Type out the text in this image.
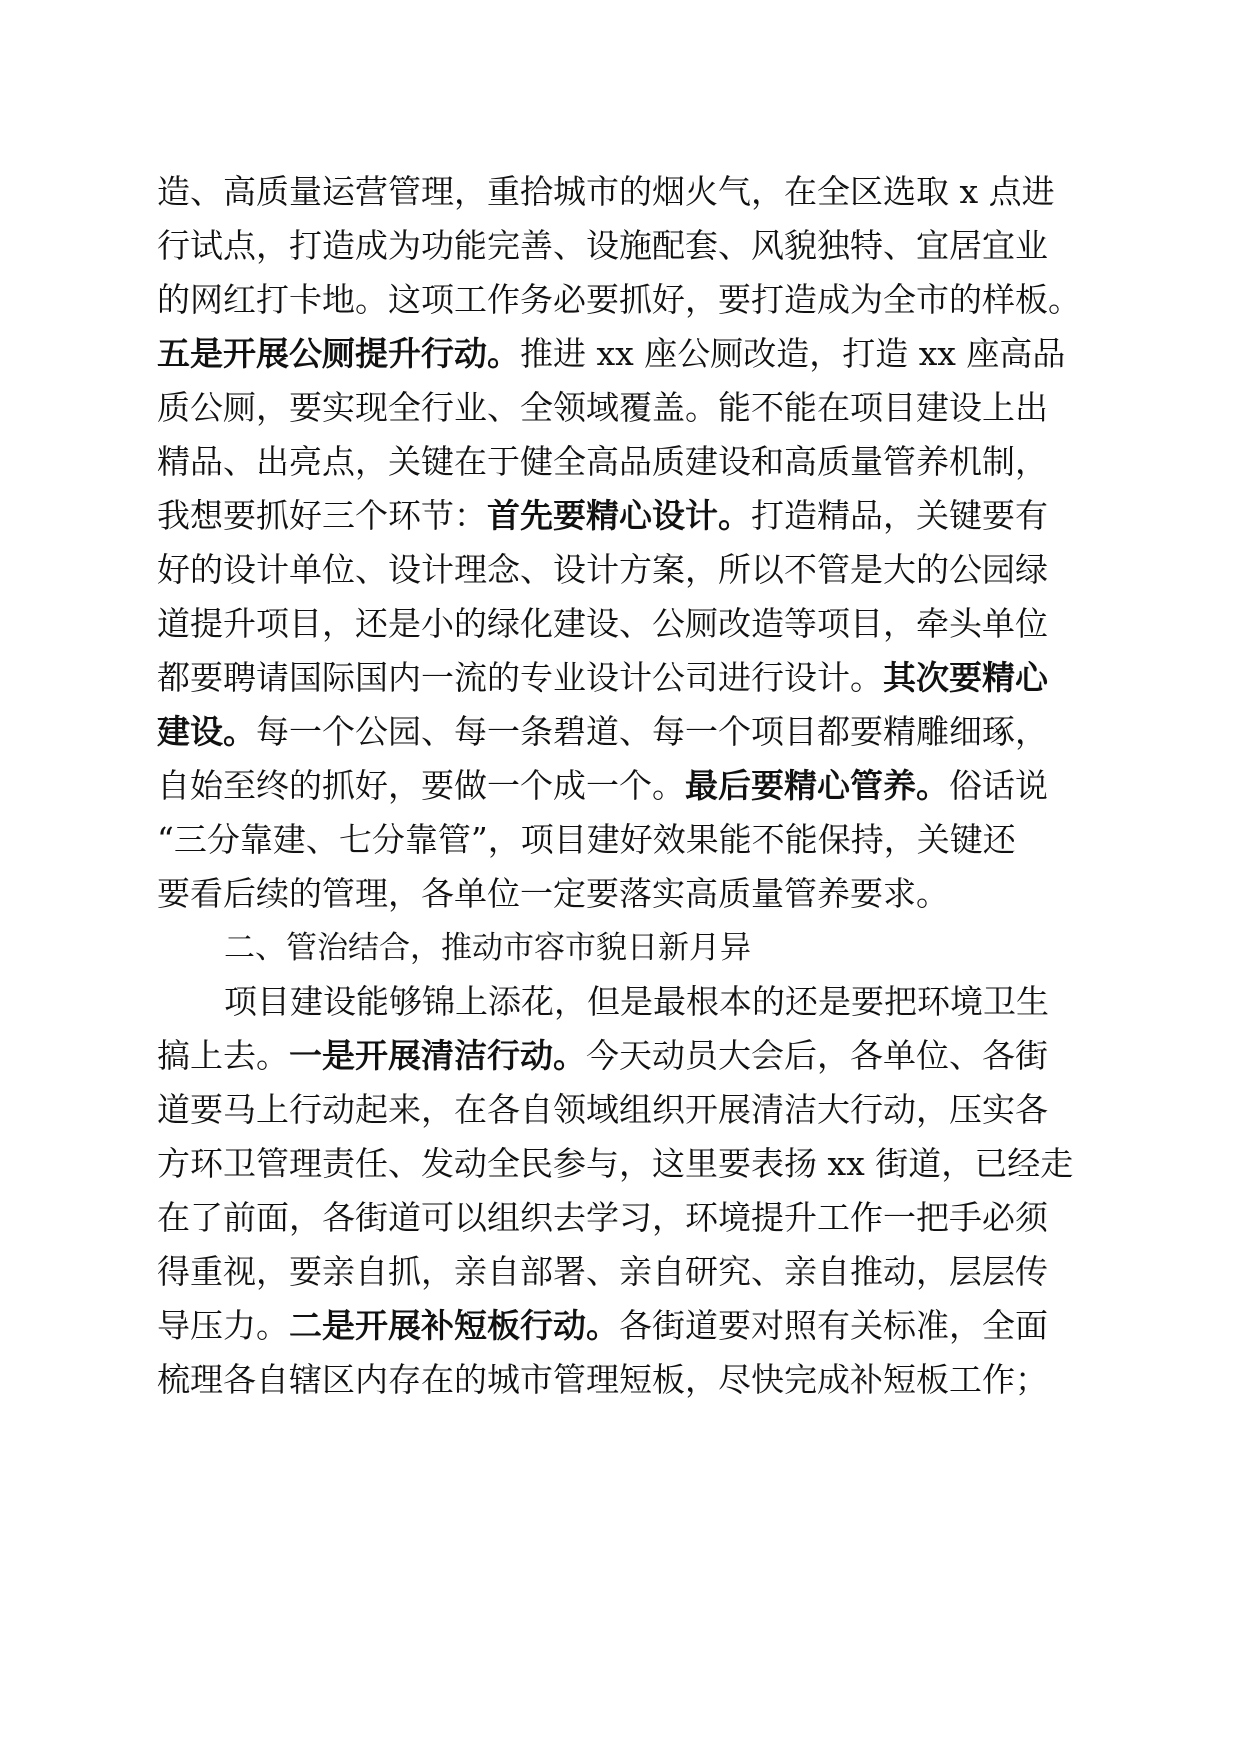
造、高质量运营管理，重拾城市的烟火气，在全区选取 x 点进
行试点，打造成为功能完善、设施配套、风貌独特、宜居宜业
的网红打卡地。这项工作务必要抓好，要打造成为全市的样板。
五是开展公厕提升行动。推进 xx 座公厕改造，打造 xx 座高品
质公厕，要实现全行业、全领域覆盖。能不能在项目建设上出
精品、出亮点，关键在于健全高品质建设和高质量管养机制，
我想要抓好三个环节：首先要精心设计。打造精品，关键要有
好的设计单位、设计理念、设计方案，所以不管是大的公园绿
道提升项目，还是小的绿化建设、公厕改造等项目，牵头单位
都要聘请国际国内一流的专业设计公司进行设计。其次要精心
建设。每一个公园、每一条碧道、每一个项目都要精雕细琢，
自始至终的抓好，要做一个成一个。最后要精心管养。俗话说
“三分靠建、七分靠管”，项目建好效果能不能保持，关键还
要看后续的管理，各单位一定要落实高质量管养要求。
二、管治结合，推动市容市貌日新月异
项目建设能够锦上添花，但是最根本的还是要把环境卫生
搞上去。一是开展清洁行动。今天动员大会后，各单位、各街
道要马上行动起来，在各自领域组织开展清洁大行动，压实各
方环卫管理责任、发动全民参与，这里要表扬 xx 街道，已经走
在了前面，各街道可以组织去学习，环境提升工作一把手必须
得重视，要亲自抓，亲自部署、亲自研究、亲自推动，层层传
导压力。二是开展补短板行动。各街道要对照有关标准，全面
梳理各自辖区内存在的城市管理短板，尽快完成补短板工作；
